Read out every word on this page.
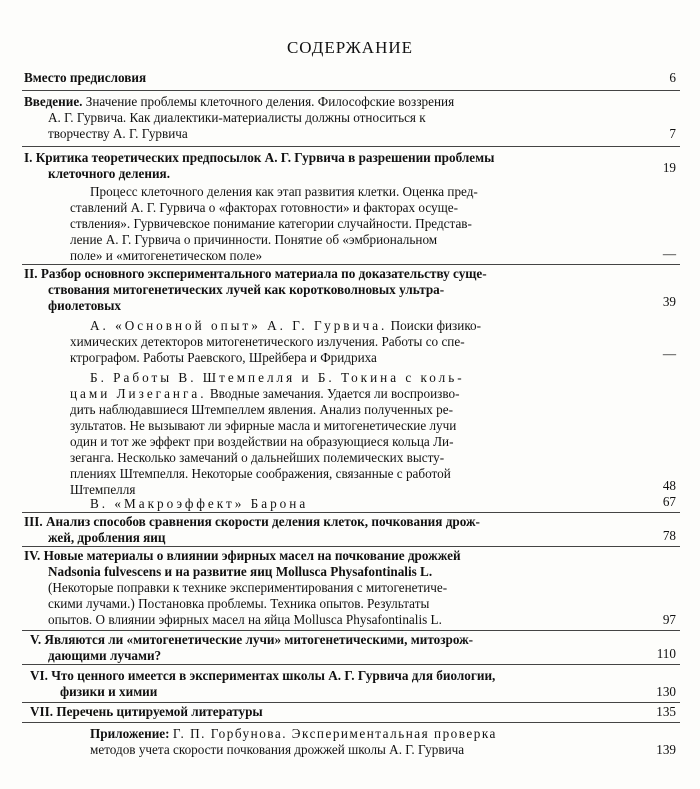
СОДЕРЖАНИЕ
Вместо предисловия	6
Введение. Значение проблемы клеточного деления. Философские воззрения
А. Г. Гурвича. Как диалектики-материалисты должны относиться к
творчеству А. Г. Гурвича	7
I. Критика теоретических предпосылок А. Г. Гурвича в разрешении проблемы
клеточного деления.	19
Процесс клеточного деления как этап развития клетки. Оценка пред-
ставлений А. Г. Гурвича о «факторах готовности» и факторах осуще-
ствления». Гурвичевское понимание категории случайности. Представ-
ление А. Г. Гурвича о причинности. Понятие об «эмбриональном
поле» и «митогенетическом поле»	—
II. Разбор основного экспериментального материала по доказательству суще-
ствования митогенетических лучей как коротковолновых ультра-
фиолетовых	39
А. «Основной опыт» А. Г. Гурвича. Поиски физико-
химических детекторов митогенетического излучения. Работы со спе-
ктрографом. Работы Раевского, Шрейбера и Фридриха	—
Б. Работы В. Штемпелля и Б. Токина с коль-
цами Лизеганга. Вводные замечания. Удается ли воспроизво-
дить наблюдавшиеся Штемпеллем явления. Анализ полученных ре-
зультатов. Не вызывают ли эфирные масла и митогенетические лучи
один и тот же эффект при воздействии на образующиеся кольца Ли-
зеганга. Несколько замечаний о дальнейших полемических высту-
плениях Штемпелля. Некоторые соображения, связанные с работой
Штемпелля	48
В. «Макроэффект» Барона	67
III. Анализ способов сравнения скорости деления клеток, почкования дрож-
жей, дробления яиц	78
IV. Новые материалы о влиянии эфирных масел на почкование дрожжей
Nadsonia fulvescens и на развитие яиц Mollusca Physafontinalis L.
(Некоторые поправки к технике экспериментирования с митогенетиче-
скими лучами.) Постановка проблемы. Техника опытов. Результаты
опытов. О влиянии эфирных масел на яйца Mollusca Physafontinalis L.	97
V. Являются ли «митогенетические лучи» митогенетическими, митозрож-
дающими лучами?	110
VI. Что ценного имеется в экспериментах школы А. Г. Гурвича для биологии,
физики и химии	130
VII. Перечень цитируемой литературы	135
Приложение: Г. П. Горбунова. Экспериментальная проверка
методов учета скорости почкования дрожжей школы А. Г. Гурвича	139
